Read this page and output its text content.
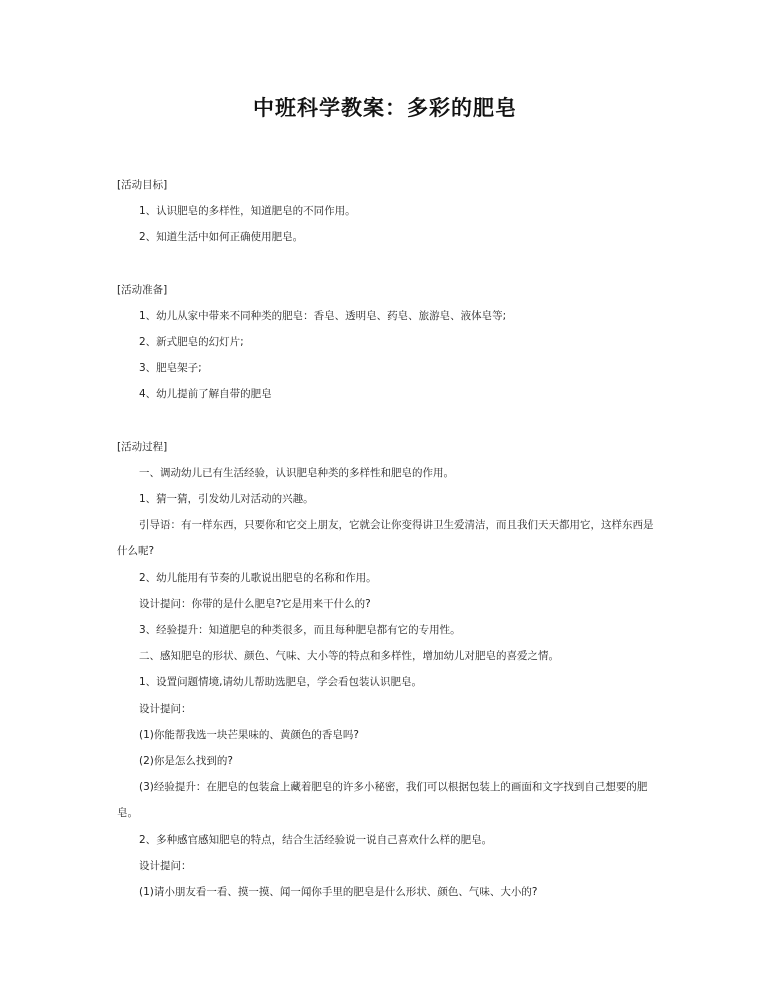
中班科学教案：多彩的肥皂
[活动目标]
1、认识肥皂的多样性，知道肥皂的不同作用。
2、知道生活中如何正确使用肥皂。
[活动准备]
1、幼儿从家中带来不同种类的肥皂：香皂、透明皂、药皂、旅游皂、液体皂等;
2、新式肥皂的幻灯片;
3、肥皂架子;
4、幼儿提前了解自带的肥皂
[活动过程]
一、调动幼儿已有生活经验，认识肥皂种类的多样性和肥皂的作用。
1、猜一猜，引发幼儿对活动的兴趣。
引导语：有一样东西，只要你和它交上朋友，它就会让你变得讲卫生爱清洁，而且我们天天都用它，这样东西是什么呢?
2、幼儿能用有节奏的儿歌说出肥皂的名称和作用。
设计提问：你带的是什么肥皂?它是用来干什么的?
3、经验提升：知道肥皂的种类很多，而且每种肥皂都有它的专用性。
二、感知肥皂的形状、颜色、气味、大小等的特点和多样性，增加幼儿对肥皂的喜爱之情。
1、设置问题情境,请幼儿帮助选肥皂，学会看包装认识肥皂。
设计提问：
(1)你能帮我选一块芒果味的、黄颜色的香皂吗?
(2)你是怎么找到的?
(3)经验提升：在肥皂的包装盒上藏着肥皂的许多小秘密，我们可以根据包装上的画面和文字找到自己想要的肥皂。
2、多种感官感知肥皂的特点，结合生活经验说一说自己喜欢什么样的肥皂。
设计提问：
(1)请小朋友看一看、摸一摸、闻一闻你手里的肥皂是什么形状、颜色、气味、大小的?
